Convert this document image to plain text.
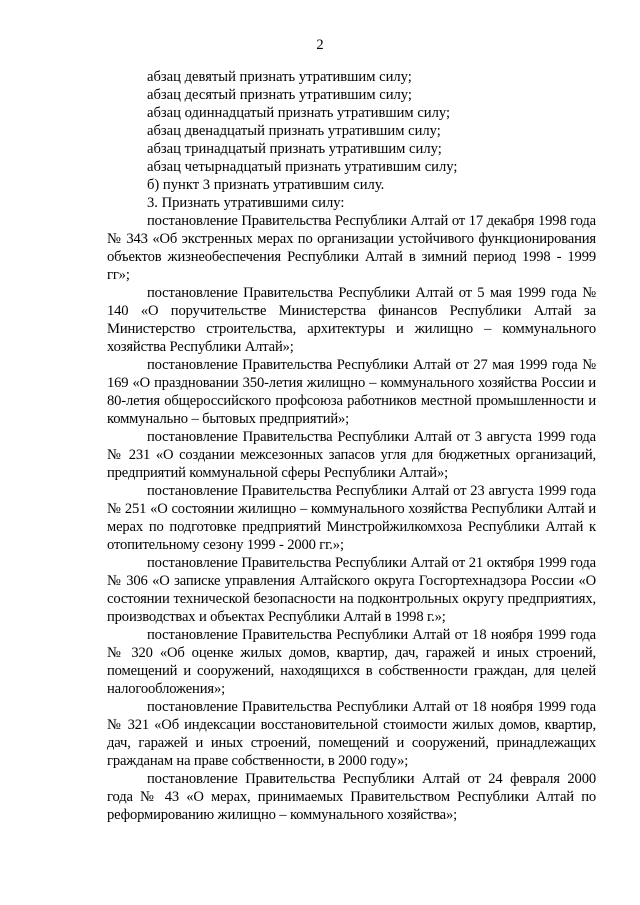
2

абзац девятый признать утратившим силу;

абзац десятый признать утратившим силу;

абзац одиннадцатый признать утратившим силу;

абзац двенадцатый признать утратившим силу;

абзац тринадцатый признать утратившим силу;

абзац четырнадцатый признать утратившим силу;

б) пункт 3 признать утратившим силу.

3. Признать утратившими силу:

постановление Правительства Республики Алтай от 17 декабря 1998 года № 343 «Об экстренных мерах по организации устойчивого функционирования объектов жизнеобеспечения Республики Алтай в зимний период 1998 - 1999 гг»;

постановление Правительства Республики Алтай от 5 мая 1999 года № 140 «О поручительстве Министерства финансов Республики Алтай за Министерство строительства, архитектуры и жилищно – коммунального хозяйства Республики Алтай»;

постановление Правительства Республики Алтай от 27 мая 1999 года № 169 «О праздновании 350-летия жилищно – коммунального хозяйства России и 80-летия общероссийского профсоюза работников местной промышленности и коммунально – бытовых предприятий»;

постановление Правительства Республики Алтай от 3 августа 1999 года № 231 «О создании межсезонных запасов угля для бюджетных организаций, предприятий коммунальной сферы Республики Алтай»;

постановление Правительства Республики Алтай от 23 августа 1999 года № 251 «О состоянии жилищно – коммунального хозяйства Республики Алтай и мерах по подготовке предприятий Минстройжилкомхоза Республики Алтай к отопительному сезону 1999 - 2000 гг.»;

постановление Правительства Республики Алтай от 21 октября 1999 года № 306 «О записке управления Алтайского округа Госгортехнадзора России «О состоянии технической безопасности на подконтрольных округу предприятиях, производствах и объектах Республики Алтай в 1998 г.»;

постановление Правительства Республики Алтай от 18 ноября 1999 года № 320 «Об оценке жилых домов, квартир, дач, гаражей и иных строений, помещений и сооружений, находящихся в собственности граждан, для целей налогообложения»;

постановление Правительства Республики Алтай от 18 ноября 1999 года № 321 «Об индексации восстановительной стоимости жилых домов, квартир, дач, гаражей и иных строений, помещений и сооружений, принадлежащих гражданам на праве собственности, в 2000 году»;

постановление Правительства Республики Алтай от 24 февраля 2000 года № 43 «О мерах, принимаемых Правительством Республики Алтай по реформированию жилищно – коммунального хозяйства»;
